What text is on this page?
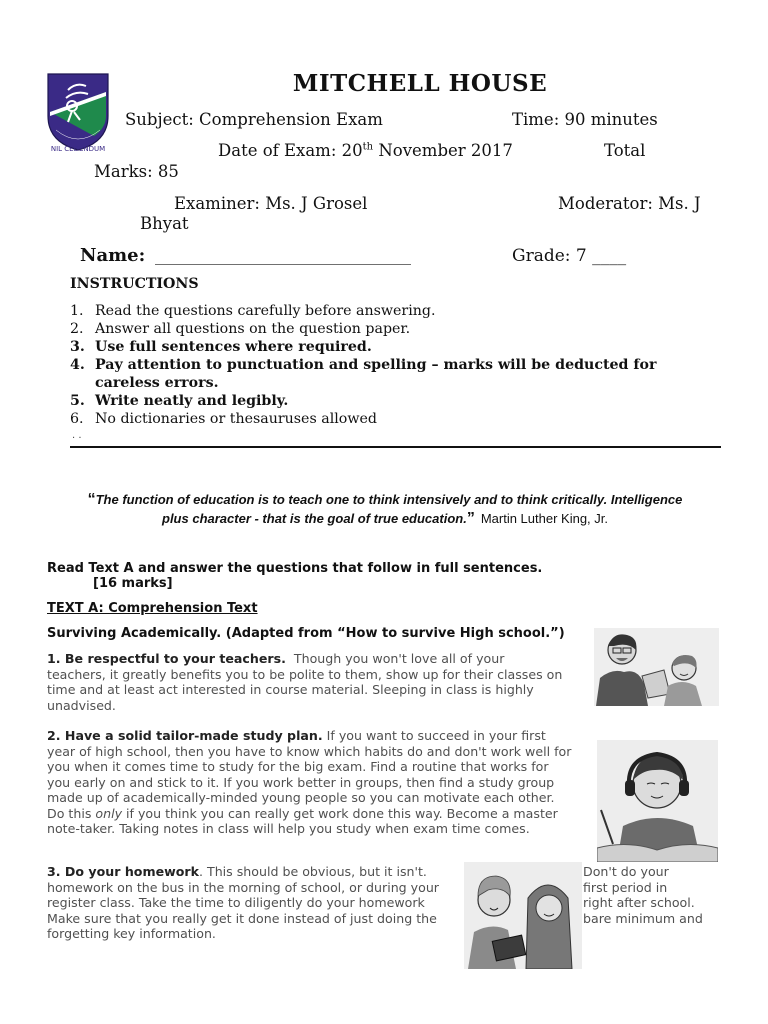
NIL CEDENDUM
MITCHELL HOUSE
Subject: Comprehension Exam	Time: 90 minutes
Date of Exam: 20th November 2017	Total
Marks: 85
Examiner: Ms. J Grosel	Moderator: Ms. J
Bhyat
Name: ________________________________	Grade: 7 ____
INSTRUCTIONS
1. Read the questions carefully before answering.
2. Answer all questions on the question paper.
3. Use full sentences where required.
4. Pay attention to punctuation and spelling – marks will be deducted for careless errors.
5. Write neatly and legibly.
6. No dictionaries or thesauruses allowed
. .
“The function of education is to teach one to think intensively and to think critically. Intelligence
plus character - that is the goal of true education.” Martin Luther King, Jr.
Read Text A and answer the questions that follow in full sentences.
[16 marks]
TEXT A: Comprehension Text
Surviving Academically. (Adapted from “How to survive High school.”)
1. Be respectful to your teachers. Though you won't love all of your
teachers, it greatly benefits you to be polite to them, show up for their classes on
time and at least act interested in course material. Sleeping in class is highly
unadvised.
2. Have a solid tailor-made study plan. If you want to succeed in your first
year of high school, then you have to know which habits do and don't work well for
you when it comes time to study for the big exam. Find a routine that works for
you early on and stick to it. If you work better in groups, then find a study group
made up of academically-minded young people so you can motivate each other.
Do this only if you think you can really get work done this way. Become a master
note-taker. Taking notes in class will help you study when exam time comes.
3. Do your homework. This should be obvious, but it isn't.
homework on the bus in the morning of school, or during your
register class. Take the time to diligently do your homework
Make sure that you really get it done instead of just doing the
forgetting key information.
Don't do your
first period in
right after school.
bare minimum and
